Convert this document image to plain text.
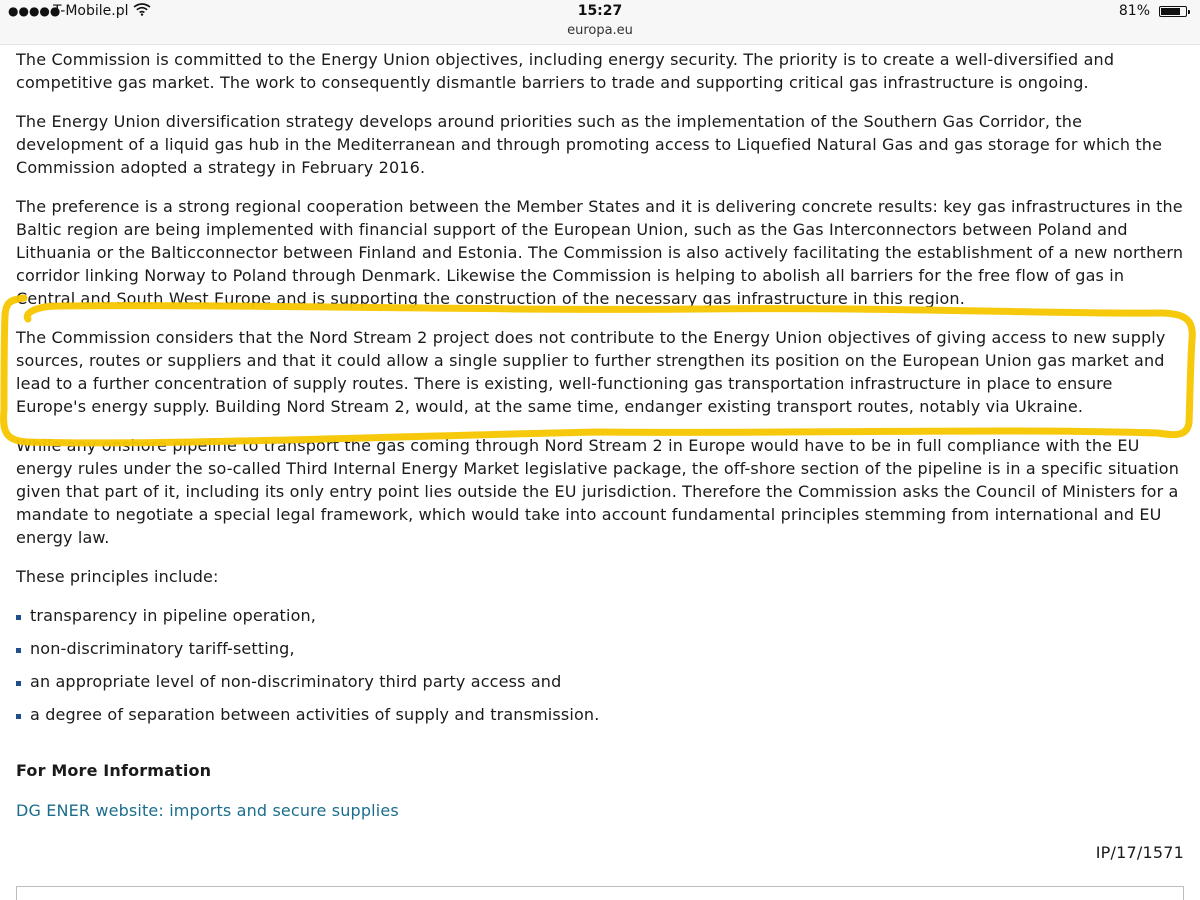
●●●●●
T-Mobile.pl	15:27
europa.eu
81%

The Commission is committed to the Energy Union objectives, including energy security. The priority is to create a well-diversified and competitive gas market. The work to consequently dismantle barriers to trade and supporting critical gas infrastructure is ongoing.

The Energy Union diversification strategy develops around priorities such as the implementation of the Southern Gas Corridor, the development of a liquid gas hub in the Mediterranean and through promoting access to Liquefied Natural Gas and gas storage for which the Commission adopted a strategy in February 2016.

The preference is a strong regional cooperation between the Member States and it is delivering concrete results: key gas infrastructures in the Baltic region are being implemented with financial support of the European Union, such as the Gas Interconnectors between Poland and Lithuania or the Balticconnector between Finland and Estonia. The Commission is also actively facilitating the establishment of a new northern corridor linking Norway to Poland through Denmark. Likewise the Commission is helping to abolish all barriers for the free flow of gas in Central and South West Europe and is supporting the construction of the necessary gas infrastructure in this region.

The Commission considers that the Nord Stream 2 project does not contribute to the Energy Union objectives of giving access to new supply sources, routes or suppliers and that it could allow a single supplier to further strengthen its position on the European Union gas market and lead to a further concentration of supply routes. There is existing, well-functioning gas transportation infrastructure in place to ensure Europe's energy supply. Building Nord Stream 2, would, at the same time, endanger existing transport routes, notably via Ukraine.

While any onshore pipeline to transport the gas coming through Nord Stream 2 in Europe would have to be in full compliance with the EU energy rules under the so-called Third Internal Energy Market legislative package, the off-shore section of the pipeline is in a specific situation given that part of it, including its only entry point lies outside the EU jurisdiction. Therefore the Commission asks the Council of Ministers for a mandate to negotiate a special legal framework, which would take into account fundamental principles stemming from international and EU energy law.

These principles include:

transparency in pipeline operation,
non-discriminatory tariff-setting,
an appropriate level of non-discriminatory third party access and
a degree of separation between activities of supply and transmission.
For More Information
DG ENER website: imports and secure supplies
IP/17/1571
